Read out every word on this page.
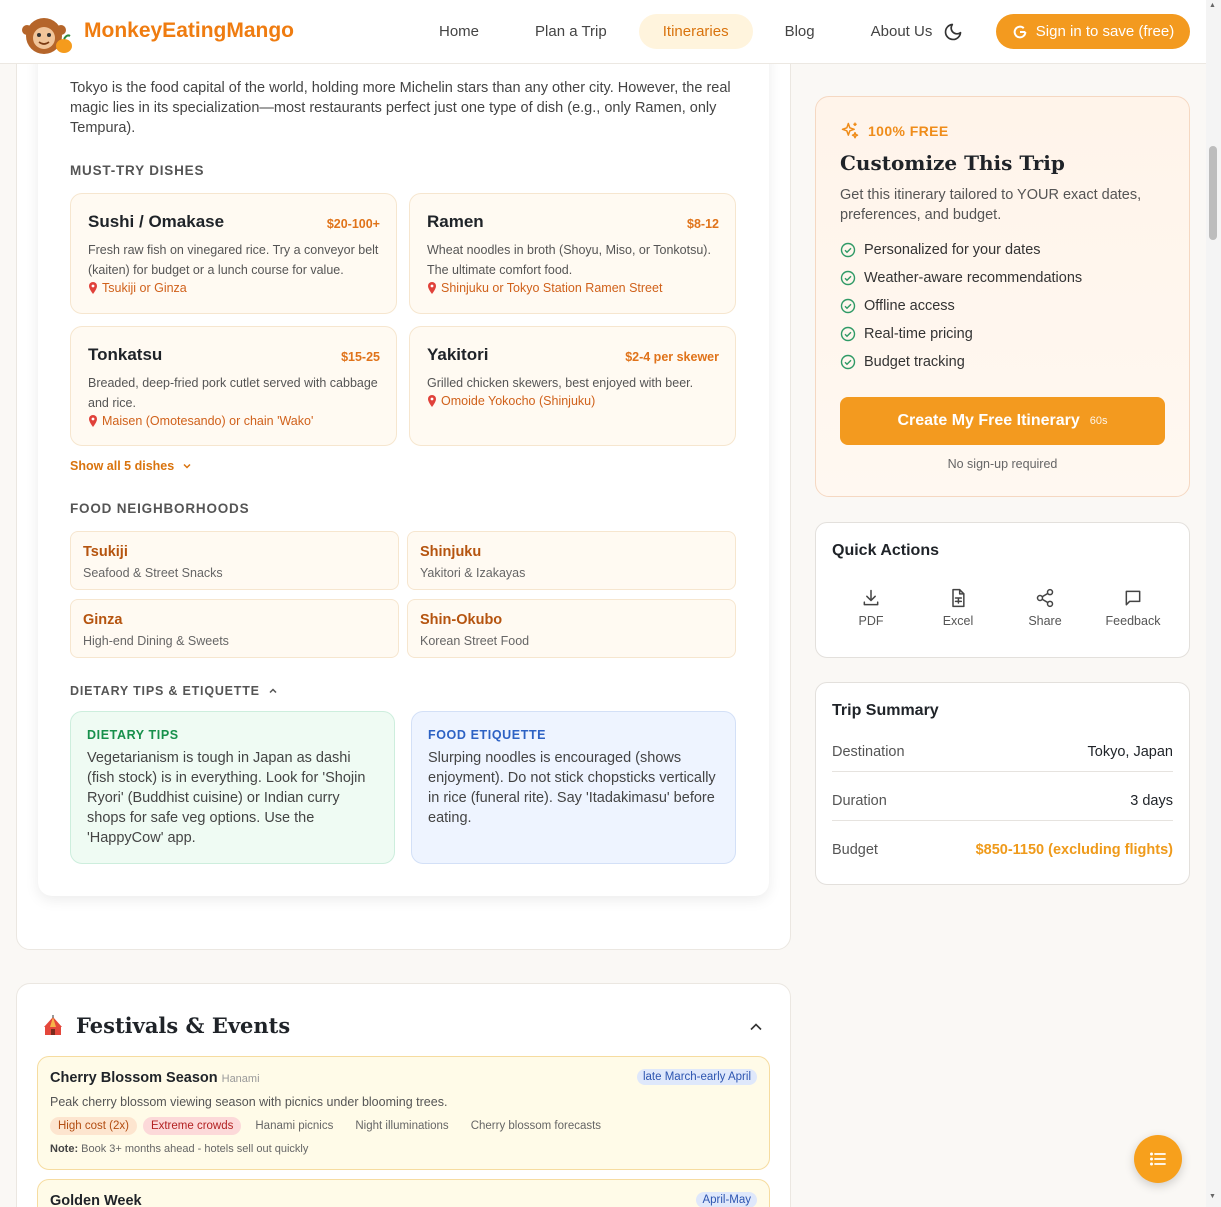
MonkeyEatingMango	Home	Plan a Trip	Itineraries	Blog	About Us	Sign in to save (free)
▲
▼
Tokyo is the food capital of the world, holding more Michelin stars than any other city. However, the real magic lies in its specialization—most restaurants perfect just one type of dish (e.g., only Ramen, only Tempura).
MUST-TRY DISHES
Sushi / Omakase	$20-100+
Fresh raw fish on vinegared rice. Try a conveyor belt (kaiten) for budget or a lunch course for value.
Tsukiji or Ginza
Ramen	$8-12
Wheat noodles in broth (Shoyu, Miso, or Tonkotsu). The ultimate comfort food.
Shinjuku or Tokyo Station Ramen Street
Tonkatsu	$15-25
Breaded, deep-fried pork cutlet served with cabbage and rice.
Maisen (Omotesando) or chain 'Wako'
Yakitori	$2-4 per skewer
Grilled chicken skewers, best enjoyed with beer.
Omoide Yokocho (Shinjuku)
Show all 5 dishes
FOOD NEIGHBORHOODS
Tsukiji
Seafood & Street Snacks
Shinjuku
Yakitori & Izakayas
Ginza
High-end Dining & Sweets
Shin-Okubo
Korean Street Food
DIETARY TIPS & ETIQUETTE
DIETARY TIPS
Vegetarianism is tough in Japan as dashi (fish stock) is in everything. Look for 'Shojin Ryori' (Buddhist cuisine) or Indian curry shops for safe veg options. Use the 'HappyCow' app.
FOOD ETIQUETTE
Slurping noodles is encouraged (shows enjoyment). Do not stick chopsticks vertically in rice (funeral rite). Say 'Itadakimasu' before eating.
Festivals & Events
Cherry Blossom Season Hanami	late March-early April
Peak cherry blossom viewing season with picnics under blooming trees.
High cost (2x)	Extreme crowds	Hanami picnics	Night illuminations	Cherry blossom forecasts
Note: Book 3+ months ahead - hotels sell out quickly
Golden Week	April-May
100% FREE
Customize This Trip
Get this itinerary tailored to YOUR exact dates, preferences, and budget.
Personalized for your dates
Weather-aware recommendations
Offline access
Real-time pricing
Budget tracking
Create My Free Itinerary 60s
No sign-up required
Quick Actions
PDF	Excel	Share	Feedback
Trip Summary
Destination	Tokyo, Japan
Duration	3 days
Budget	$850-1150 (excluding flights)
